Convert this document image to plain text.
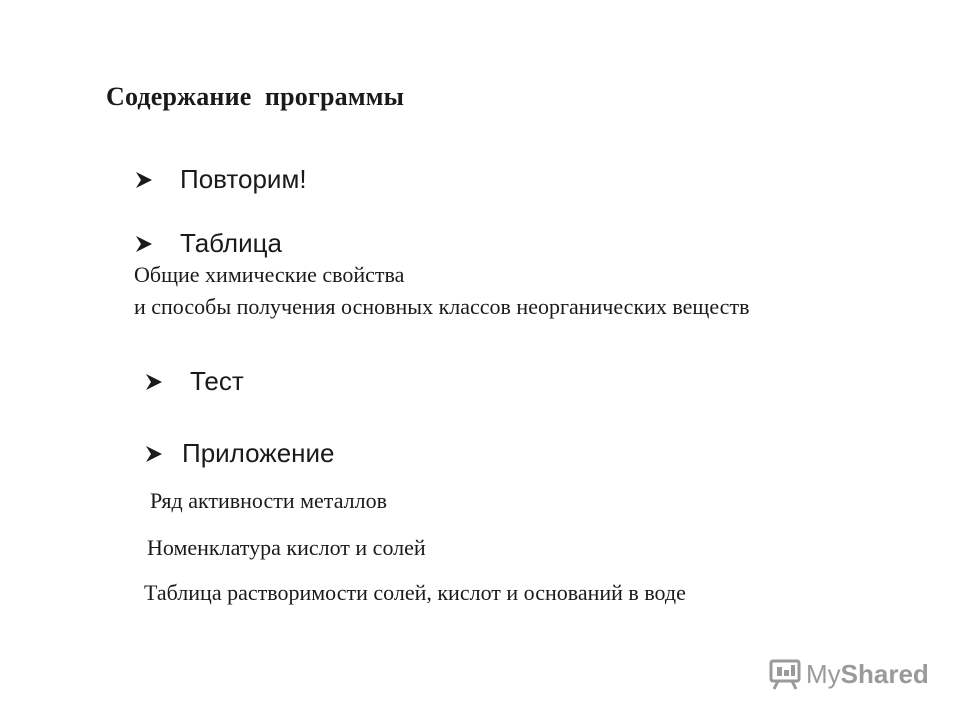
Содержание  программы
Повторим!
Таблица
Общие химические свойства
и способы получения основных классов неорганических веществ
Тест
Приложение
Ряд активности металлов
Номенклатура кислот и солей
Таблица растворимости солей, кислот и оснований в воде
My Shared
